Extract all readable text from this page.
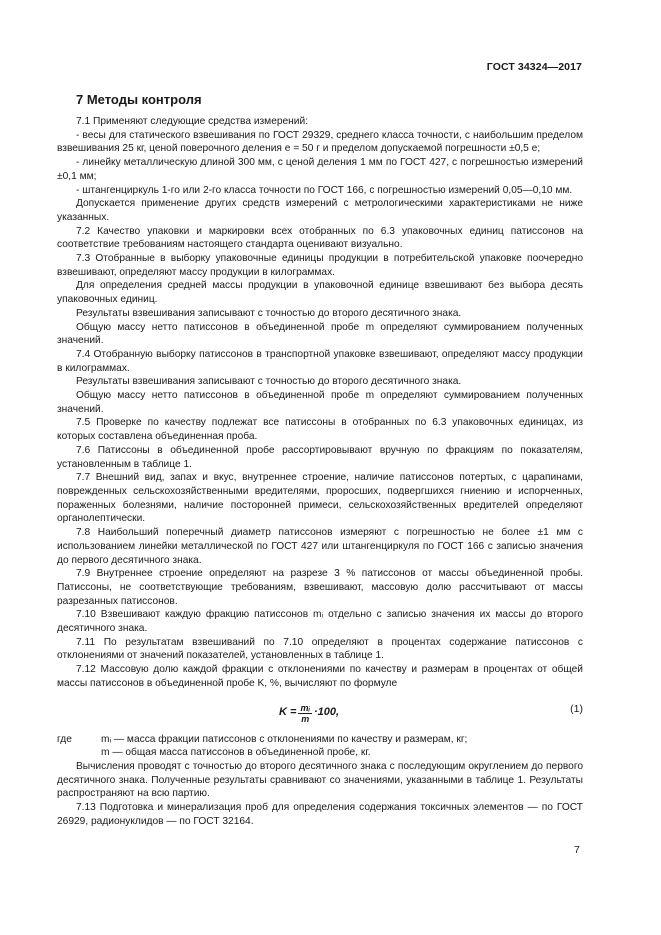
ГОСТ 34324—2017
7 Методы контроля

7.1 Применяют следующие средства измерений:

- весы для статического взвешивания по ГОСТ 29329, среднего класса точности, с наибольшим пределом взвешивания 25 кг, ценой поверочного деления e = 50 г и пределом допускаемой погрешности ±0,5 e;

- линейку металлическую длиной 300 мм, с ценой деления 1 мм по ГОСТ 427, с погрешностью измерений ±0,1 мм;

- штангенциркуль 1-го или 2-го класса точности по ГОСТ 166, с погрешностью измерений 0,05—0,10 мм.

Допускается применение других средств измерений с метрологическими характеристиками не ниже указанных.

7.2 Качество упаковки и маркировки всех отобранных по 6.3 упаковочных единиц патиссонов на соответствие требованиям настоящего стандарта оценивают визуально.

7.3 Отобранные в выборку упаковочные единицы продукции в потребительской упаковке поочередно взвешивают, определяют массу продукции в килограммах.

Для определения средней массы продукции в упаковочной единице взвешивают без выбора десять упаковочных единиц.

Результаты взвешивания записывают с точностью до второго десятичного знака.

Общую массу нетто патиссонов в объединенной пробе m определяют суммированием полученных значений.

7.4 Отобранную выборку патиссонов в транспортной упаковке взвешивают, определяют массу продукции в килограммах.

Результаты взвешивания записывают с точностью до второго десятичного знака.

Общую массу нетто патиссонов в объединенной пробе m определяют суммированием полученных значений.

7.5 Проверке по качеству подлежат все патиссоны в отобранных по 6.3 упаковочных единицах, из которых составлена объединенная проба.

7.6 Патиссоны в объединенной пробе рассортировывают вручную по фракциям по показателям, установленным в таблице 1.

7.7 Внешний вид, запах и вкус, внутреннее строение, наличие патиссонов потертых, с царапинами, поврежденных сельскохозяйственными вредителями, проросших, подвергшихся гниению и испорченных, пораженных болезнями, наличие посторонней примеси, сельскохозяйственных вредителей определяют органолептически.

7.8 Наибольший поперечный диаметр патиссонов измеряют с погрешностью не более ±1 мм с использованием линейки металлической по ГОСТ 427 или штангенциркуля по ГОСТ 166 с записью значения до первого десятичного знака.

7.9 Внутреннее строение определяют на разрезе 3 % патиссонов от массы объединенной пробы. Патиссоны, не соответствующие требованиям, взвешивают, массовую долю рассчитывают от массы разрезанных патиссонов.

7.10 Взвешивают каждую фракцию патиссонов mᵢ отдельно с записью значения их массы до второго десятичного знака.

7.11 По результатам взвешиваний по 7.10 определяют в процентах содержание патиссонов с отклонениями от значений показателей, установленных в таблице 1.

7.12 Массовую долю каждой фракции с отклонениями по качеству и размерам в процентах от общей массы патиссонов в объединенной пробе K, %, вычисляют по формуле

$K = \frac{\text{mᵢ}}{m} \cdot 100$,	(1)
где	mᵢ — масса фракции патиссонов с отклонениями по качеству и размерам, кг;
m — общая масса патиссонов в объединенной пробе, кг.

Вычисления проводят с точностью до второго десятичного знака с последующим округлением до первого десятичного знака. Полученные результаты сравнивают со значениями, указанными в таблице 1. Результаты распространяют на всю партию.

7.13 Подготовка и минерализация проб для определения содержания токсичных элементов — по ГОСТ 26929, радионуклидов — по ГОСТ 32164.

7
